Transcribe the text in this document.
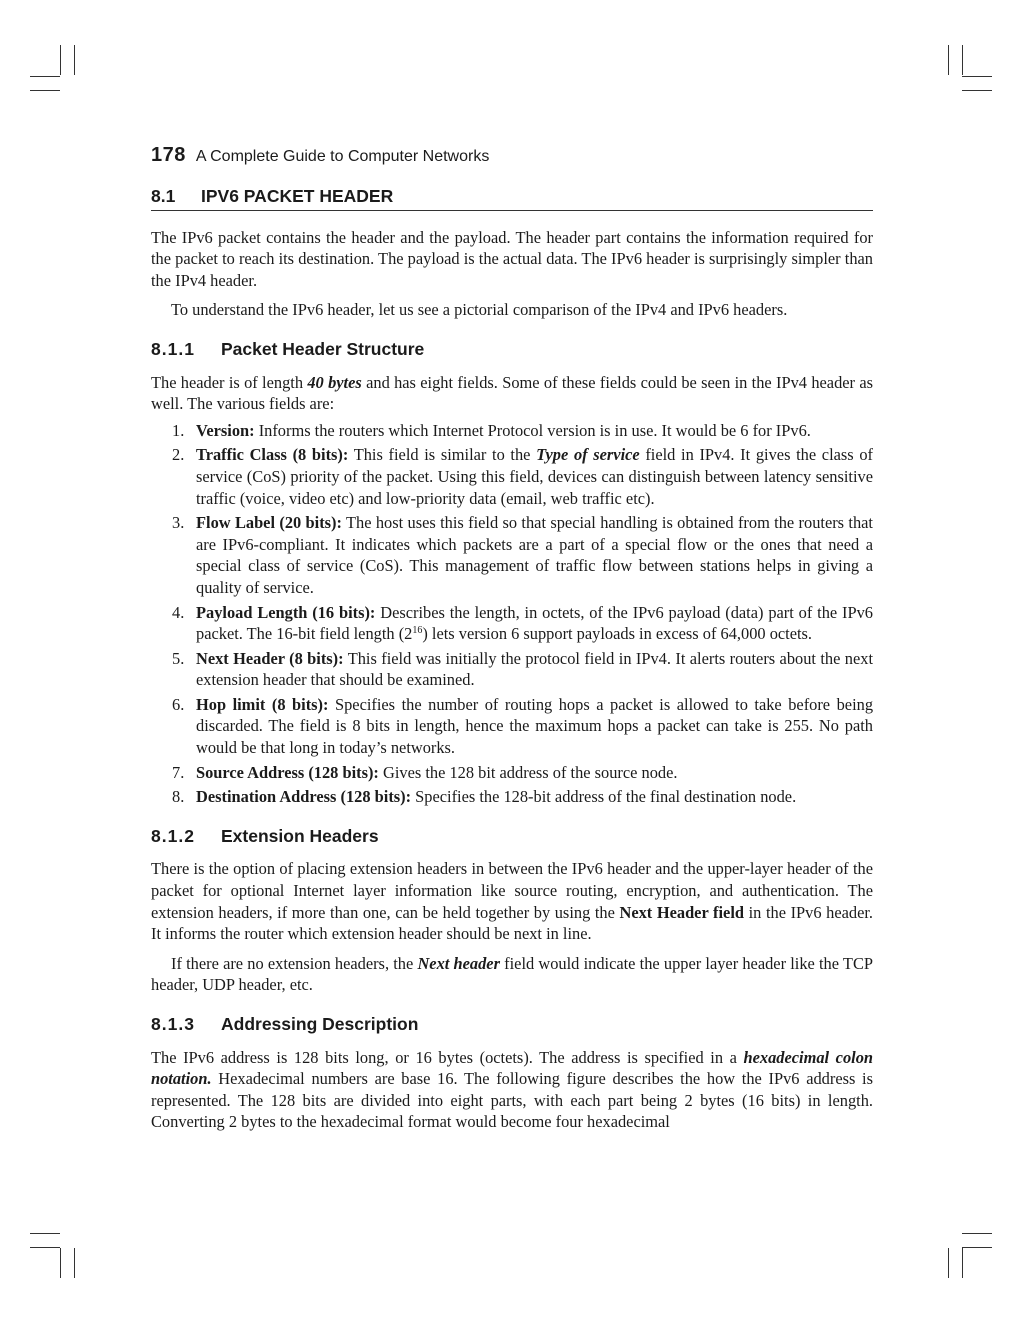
178 A Complete Guide to Computer Networks
8.1 IPV6 PACKET HEADER

The IPv6 packet contains the header and the payload. The header part contains the information required for the packet to reach its destination. The payload is the actual data. The IPv6 header is surprisingly simpler than the IPv4 header.

To understand the IPv6 header, let us see a pictorial comparison of the IPv4 and IPv6 headers.

8.1.1 Packet Header Structure

The header is of length 40 bytes and has eight fields. Some of these fields could be seen in the IPv4 header as well. The various fields are:

1. Version: Informs the routers which Internet Protocol version is in use. It would be 6 for IPv6.
2. Traffic Class (8 bits): This field is similar to the Type of service field in IPv4. It gives the class of service (CoS) priority of the packet. Using this field, devices can distinguish between latency sensitive traffic (voice, video etc) and low-priority data (email, web traffic etc).
3. Flow Label (20 bits): The host uses this field so that special handling is obtained from the routers that are IPv6-compliant. It indicates which packets are a part of a special flow or the ones that need a special class of service (CoS). This management of traffic flow between stations helps in giving a quality of service.
4. Payload Length (16 bits): Describes the length, in octets, of the IPv6 payload (data) part of the IPv6 packet. The 16-bit field length $(2^{16})$ lets version 6 support payloads in excess of 64,000 octets.
5. Next Header (8 bits): This field was initially the protocol field in IPv4. It alerts routers about the next extension header that should be examined.
6. Hop limit (8 bits): Specifies the number of routing hops a packet is allowed to take before being discarded. The field is 8 bits in length, hence the maximum hops a packet can take is 255. No path would be that long in today’s networks.
7. Source Address (128 bits): Gives the 128 bit address of the source node.
8. Destination Address (128 bits): Specifies the 128-bit address of the final destination node.
8.1.2 Extension Headers

There is the option of placing extension headers in between the IPv6 header and the upper-layer header of the packet for optional Internet layer information like source routing, encryption, and authentication. The extension headers, if more than one, can be held together by using the Next Header field in the IPv6 header. It informs the router which extension header should be next in line.

If there are no extension headers, the Next header field would indicate the upper layer header like the TCP header, UDP header, etc.

8.1.3 Addressing Description

The IPv6 address is 128 bits long, or 16 bytes (octets). The address is specified in a hexadecimal colon notation. Hexadecimal numbers are base 16. The following figure describes the how the IPv6 address is represented. The 128 bits are divided into eight parts, with each part being 2 bytes (16 bits) in length. Converting 2 bytes to the hexadecimal format would become four hexadecimal
